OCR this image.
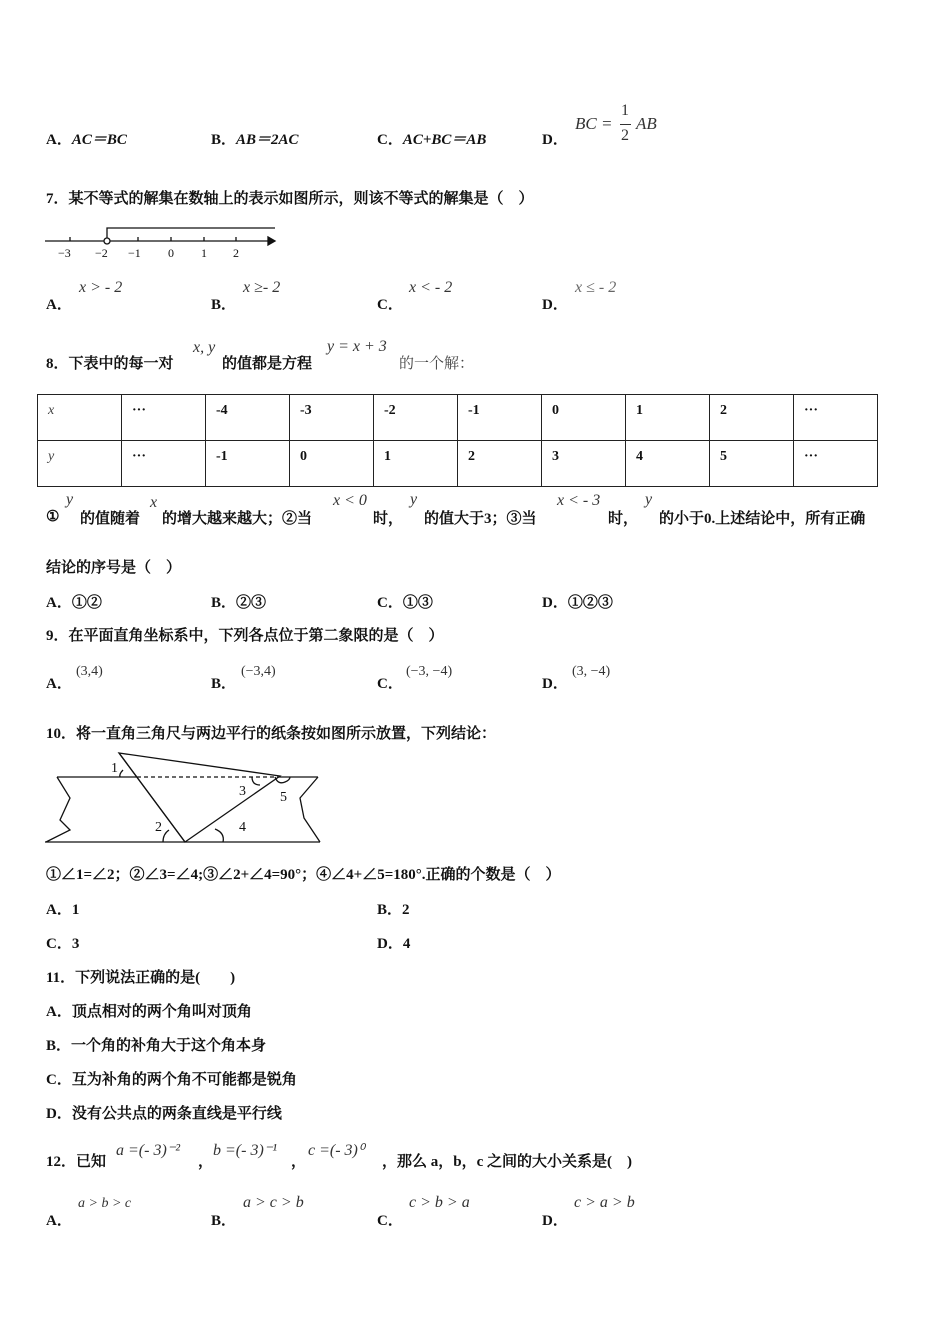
A．AC＝BC	B．AB＝2AC	C．AC+BC＝AB	D．
BC =
1
2
AB
7．某不等式的解集在数轴上的表示如图所示，则该不等式的解集是（　）
−3 −2 −1 0 1 2
A．
x > - 2
B．
x ≥- 2
C．
x < - 2
D．
x ≤ - 2
8．下表中的每一对
x, y
的值都是方程
y = x + 3
的一个解：
x	···	-4	-3	-2	-1	0	1	2	···
y	···	-1	0	1	2	3	4	5	···
①
y
的值随着
x
的增大越来越大；②当
x < 0
时，
y
的值大于3；③当
x < - 3
时，
y
的小于0.上述结论中，所有正确
结论的序号是（　）
A．①②	B．②③	C．①③	D．①②③
9．在平面直角坐标系中，下列各点位于第二象限的是（　）
A．
(3,4)
B．
(−3,4)
C．
(−3, −4)
D．
(3, −4)
10．将一直角三角尺与两边平行的纸条按如图所示放置，下列结论：
1
2
3
4
5
①∠1=∠2；②∠3=∠4;③∠2+∠4=90°；④∠4+∠5=180°.正确的个数是（　）
A．1	B．2
C．3	D．4
11．下列说法正确的是(　　)
A．顶点相对的两个角叫对顶角
B．一个角的补角大于这个角本身
C．互为补角的两个角不可能都是锐角
D．没有公共点的两条直线是平行线
12．已知
a =(- 3)⁻²
，
b =(- 3)⁻¹
，
c =(- 3)⁰
，那么 a，b，c 之间的大小关系是(　)
A．
a > b > c
B．
a > c > b
C．
c > b > a
D．
c > a > b
